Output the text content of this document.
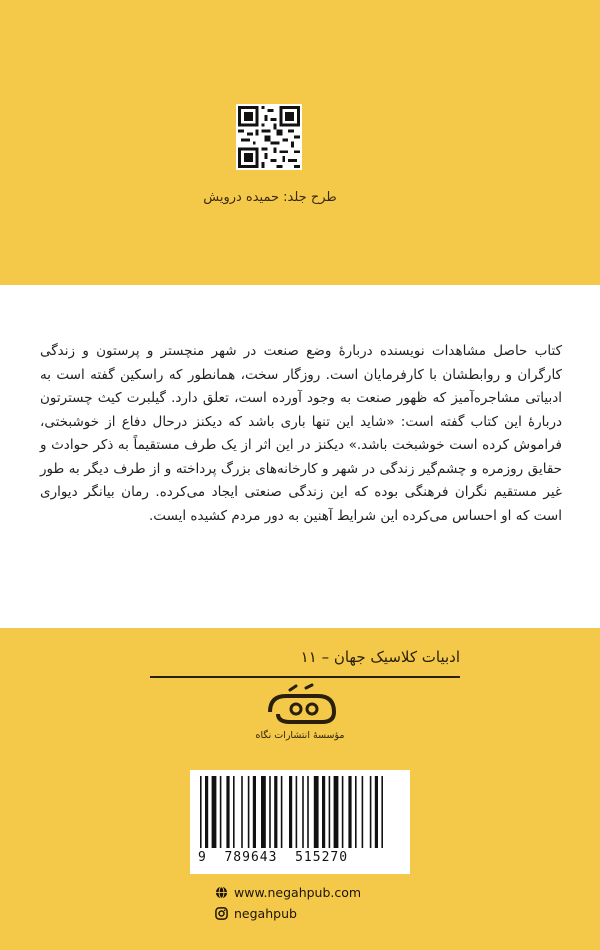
طرح جلد: حمیده درویش
کتاب حاصل مشاهدات نویسنده دربارهٔ وضع صنعت در شهر منچستر و پرستون و زندگی کارگران و روابطشان با کارفرمایان است. روزگار سخت، همانطور که راسکین گفته است به ادبیاتی مشاجره‌آمیز که ظهور صنعت به وجود آورده است، تعلق دارد. گیلبرت کیث چسترتون دربارهٔ این کتاب گفته است: «شاید این تنها باری باشد که دیکنز در‌حال دفاع از خوشبختی، فراموش کرده است خوشبخت باشد.» دیکنز در این اثر از یک طرف مستقیماً به ذکر حوادث و حقایق روزمره و چشم‌گیر زندگی در شهر و کارخانه‌های بزرگ پرداخته و از طرف دیگر به طور غیر مستقیم نگران فرهنگی بوده که این زندگی صنعتی ایجاد می‌کرده. رمان بیانگر دیواری است که او احساس می‌کرده این شرایط آهنین به دور مردم کشیده ایست.
ادبیات کلاسیک جهان – ۱۱
مؤسسهٔ انتشارات نگاه
9  789643  515270
www.negahpub.com
negahpub
